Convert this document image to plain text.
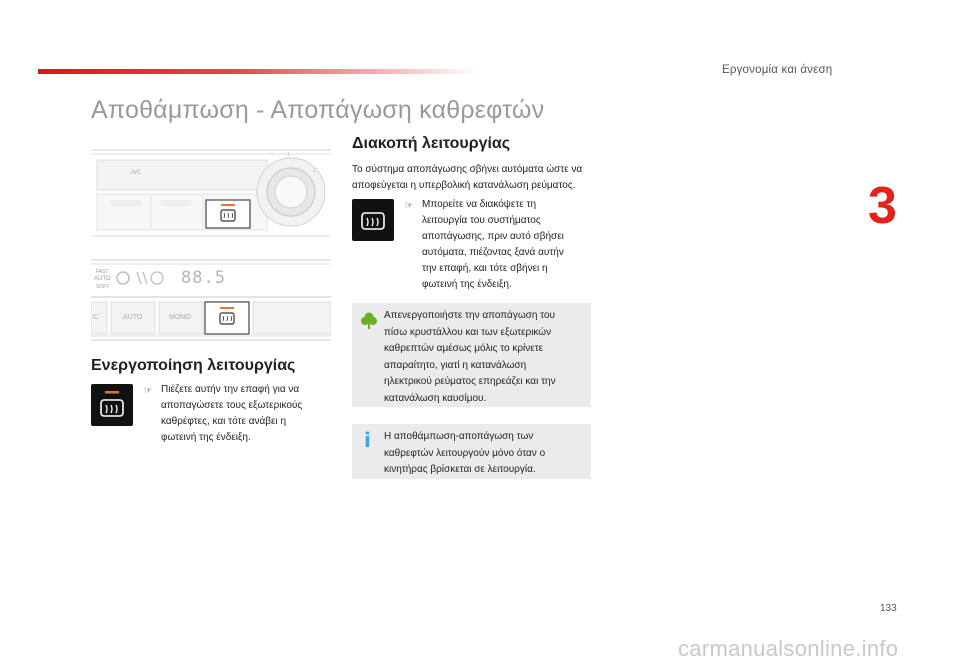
Εργονομία και άνεση
3
Αποθάμπωση - Αποπάγωση καθρεφτών
A/C
1
2
FAST
AUTO
SOFT	88.5
C	AUTO	MONO
Ενεργοποίηση λειτουργίας
☞ Πιέζετε αυτήν την επαφή για να
αποπαγώσετε τους εξωτερικούς
καθρέφτες, και τότε ανάβει η
φωτεινή της ένδειξη.
Διακοπή λειτουργίας
Το σύστημα αποπάγωσης σβήνει αυτόματα ώστε να
αποφεύγεται η υπερβολική κατανάλωση ρεύματος.
☞ Μπορείτε να διακόψετε τη
λειτουργία του συστήματος
αποπάγωσης, πριν αυτό σβήσει
αυτόματα, πιέζοντας ξανά αυτήν
την επαφή, και τότε σβήνει η
φωτεινή της ένδειξη.

Απενεργοποιήστε την αποπάγωση του

πίσω κρυστάλλου και των εξωτερικών

καθρεπτών αμέσως μόλις το κρίνετε

απαραίτητο, γιατί η κατανάλωση

ηλεκτρικού ρεύματος επηρεάζει και την

κατανάλωση καυσίμου.

i Η αποθάμπωση-αποπάγωση των

καθρεφτών λειτουργούν μόνο όταν ο

κινητήρας βρίσκεται σε λειτουργία.

133
carmanualsonline.info
